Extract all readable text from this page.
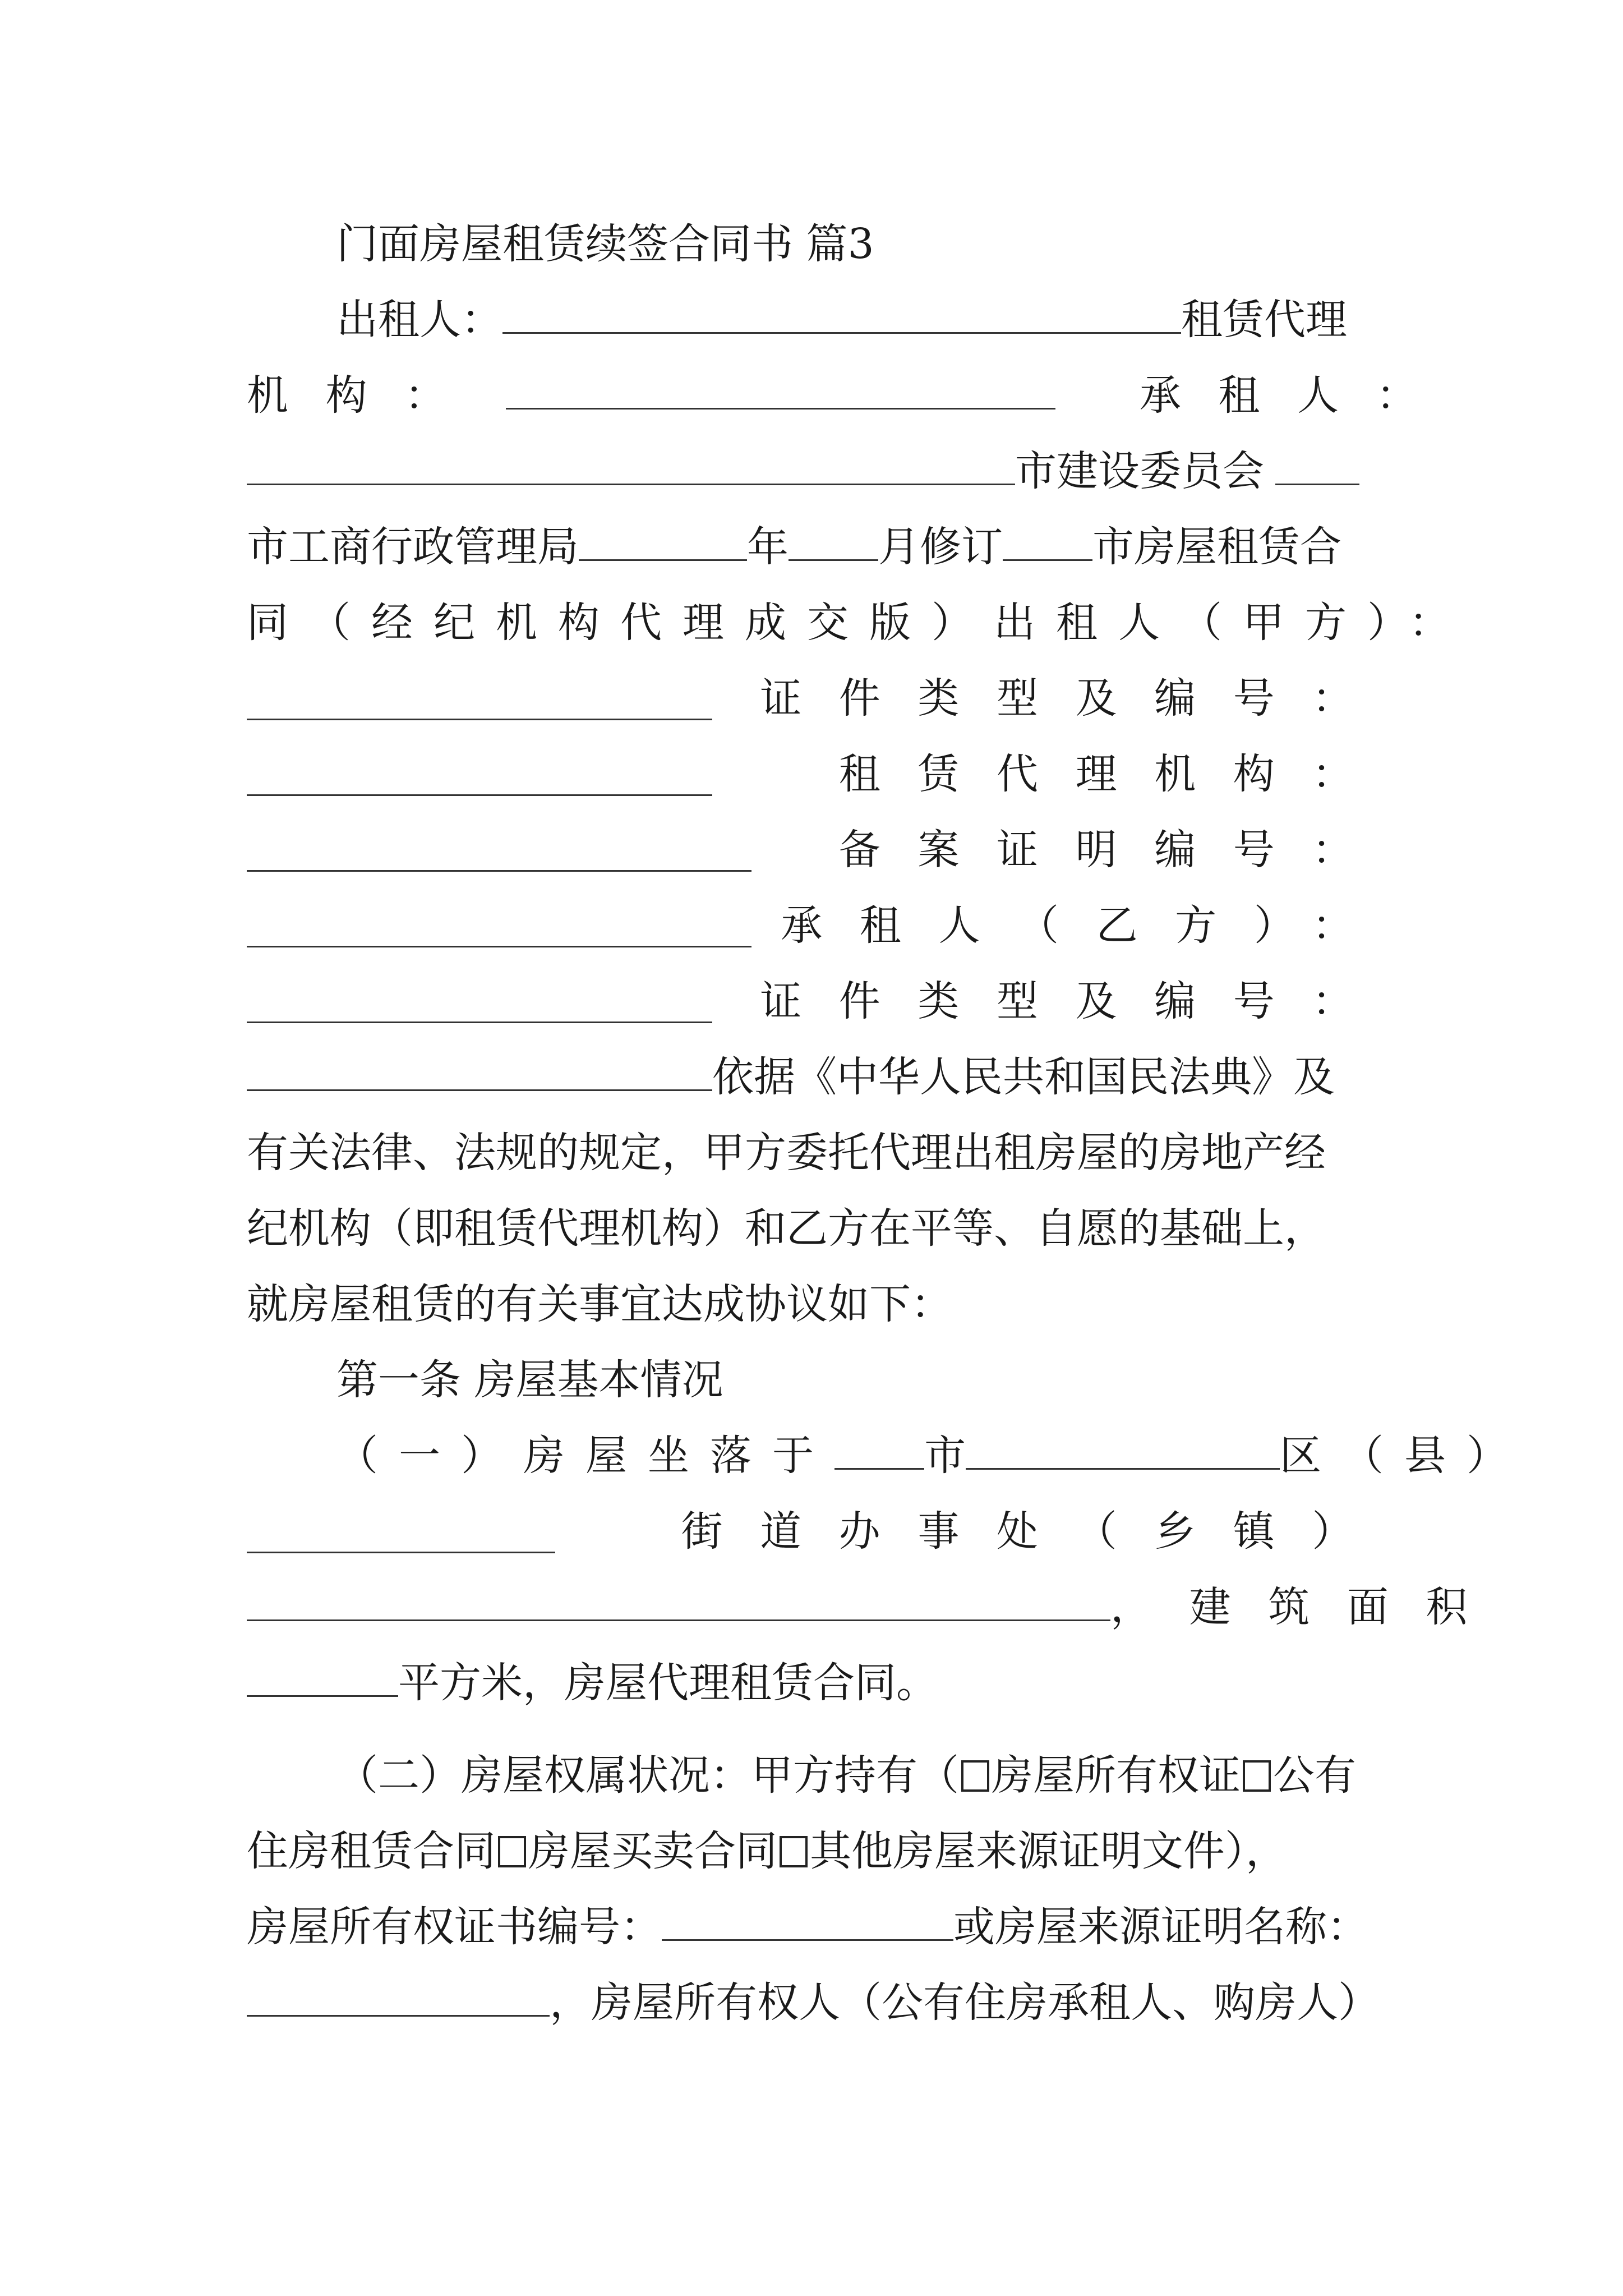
门面房屋租赁续签合同书 篇3
出租人：	租赁代理
机构：	承租人：
市建设委员会
市工商行政管理局	年 月修订 市房屋租赁合
同（经纪机构代理成交版）出租人（甲方）：
证件类型及编号：
租赁代理机构：
备案证明编号：
承租人（乙方）：
证件类型及编号：
依据《中华人民共和国民法典》及
有关法律、法规的规定，甲方委托代理出租房屋的房地产经
纪机构（即租赁代理机构）和乙方在平等、自愿的基础上，
就房屋租赁的有关事宜达成协议如下：
第一条 房屋基本情况
（一）房屋坐落于 市	区（县）
街道办事处（乡镇）
，建筑面积
平方米，房屋代理租赁合同。
（二）房屋权属状况：甲方持有（ 房屋所有权证 公有
住房租赁合同 房屋买卖合同 其他房屋来源证明文件），
房屋所有权证书编号：	或房屋来源证明名称：
，房屋所有权人（公有住房承租人、购房人）
